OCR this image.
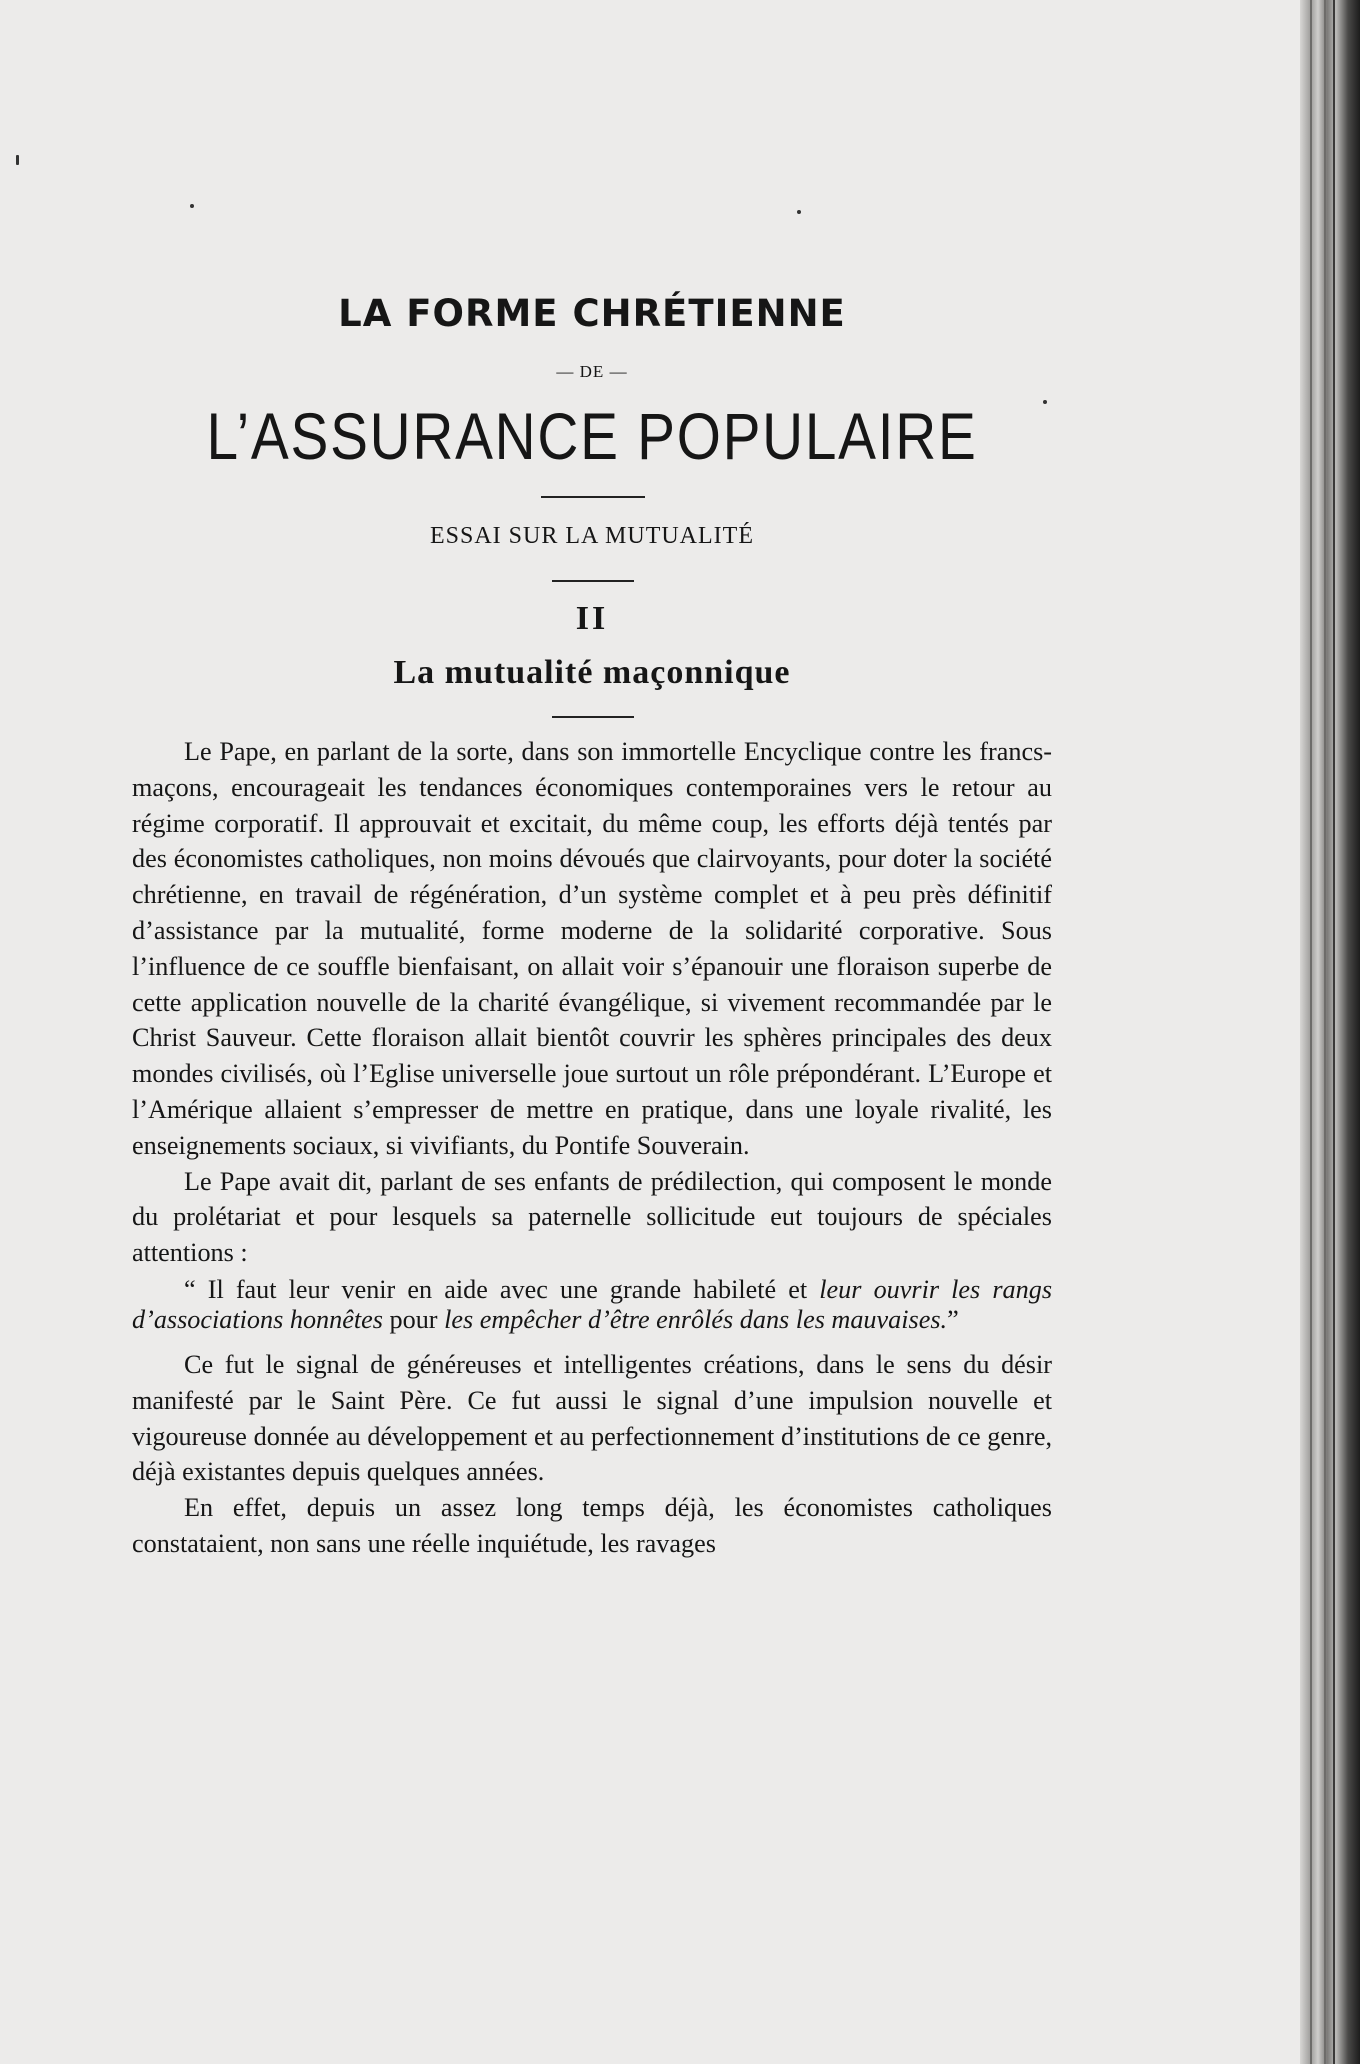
LA FORME CHRÉTIENNE
— DE —
L’ASSURANCE POPULAIRE
ESSAI SUR LA MUTUALITÉ
II
La mutualité maçonnique

Le Pape, en parlant de la sorte, dans son immortelle Encyclique contre les francs-maçons, encourageait les tendances économiques contemporaines vers le retour au régime corporatif. Il approuvait et excitait, du même coup, les efforts déjà tentés par des économistes catholiques, non moins dévoués que clairvoyants, pour doter la société chrétienne, en travail de régénération, d’un système complet et à peu près définitif d’assistance par la mutualité, forme moderne de la solidarité corporative. Sous l’influence de ce souffle bienfaisant, on allait voir s’épanouir une floraison superbe de cette application nouvelle de la charité évangélique, si vivement recommandée par le Christ Sauveur. Cette floraison allait bientôt couvrir les sphères principales des deux mondes civilisés, où l’Eglise universelle joue surtout un rôle prépondérant. L’Europe et l’Amérique allaient s’empresser de mettre en pratique, dans une loyale rivalité, les enseignements sociaux, si vivifiants, du Pontife Souverain.

Le Pape avait dit, parlant de ses enfants de prédilection, qui composent le monde du prolétariat et pour lesquels sa paternelle sollicitude eut toujours de spéciales attentions :

“ Il faut leur venir en aide avec une grande habileté et leur ouvrir les rangs d’associations honnêtes pour les empêcher d’être enrôlés dans les mauvaises.”

Ce fut le signal de généreuses et intelligentes créations, dans le sens du désir manifesté par le Saint Père. Ce fut aussi le signal d’une impulsion nouvelle et vigoureuse donnée au développement et au perfectionnement d’institutions de ce genre, déjà existantes depuis quelques années.

En effet, depuis un assez long temps déjà, les économistes catholiques constataient, non sans une réelle inquiétude, les ravages
